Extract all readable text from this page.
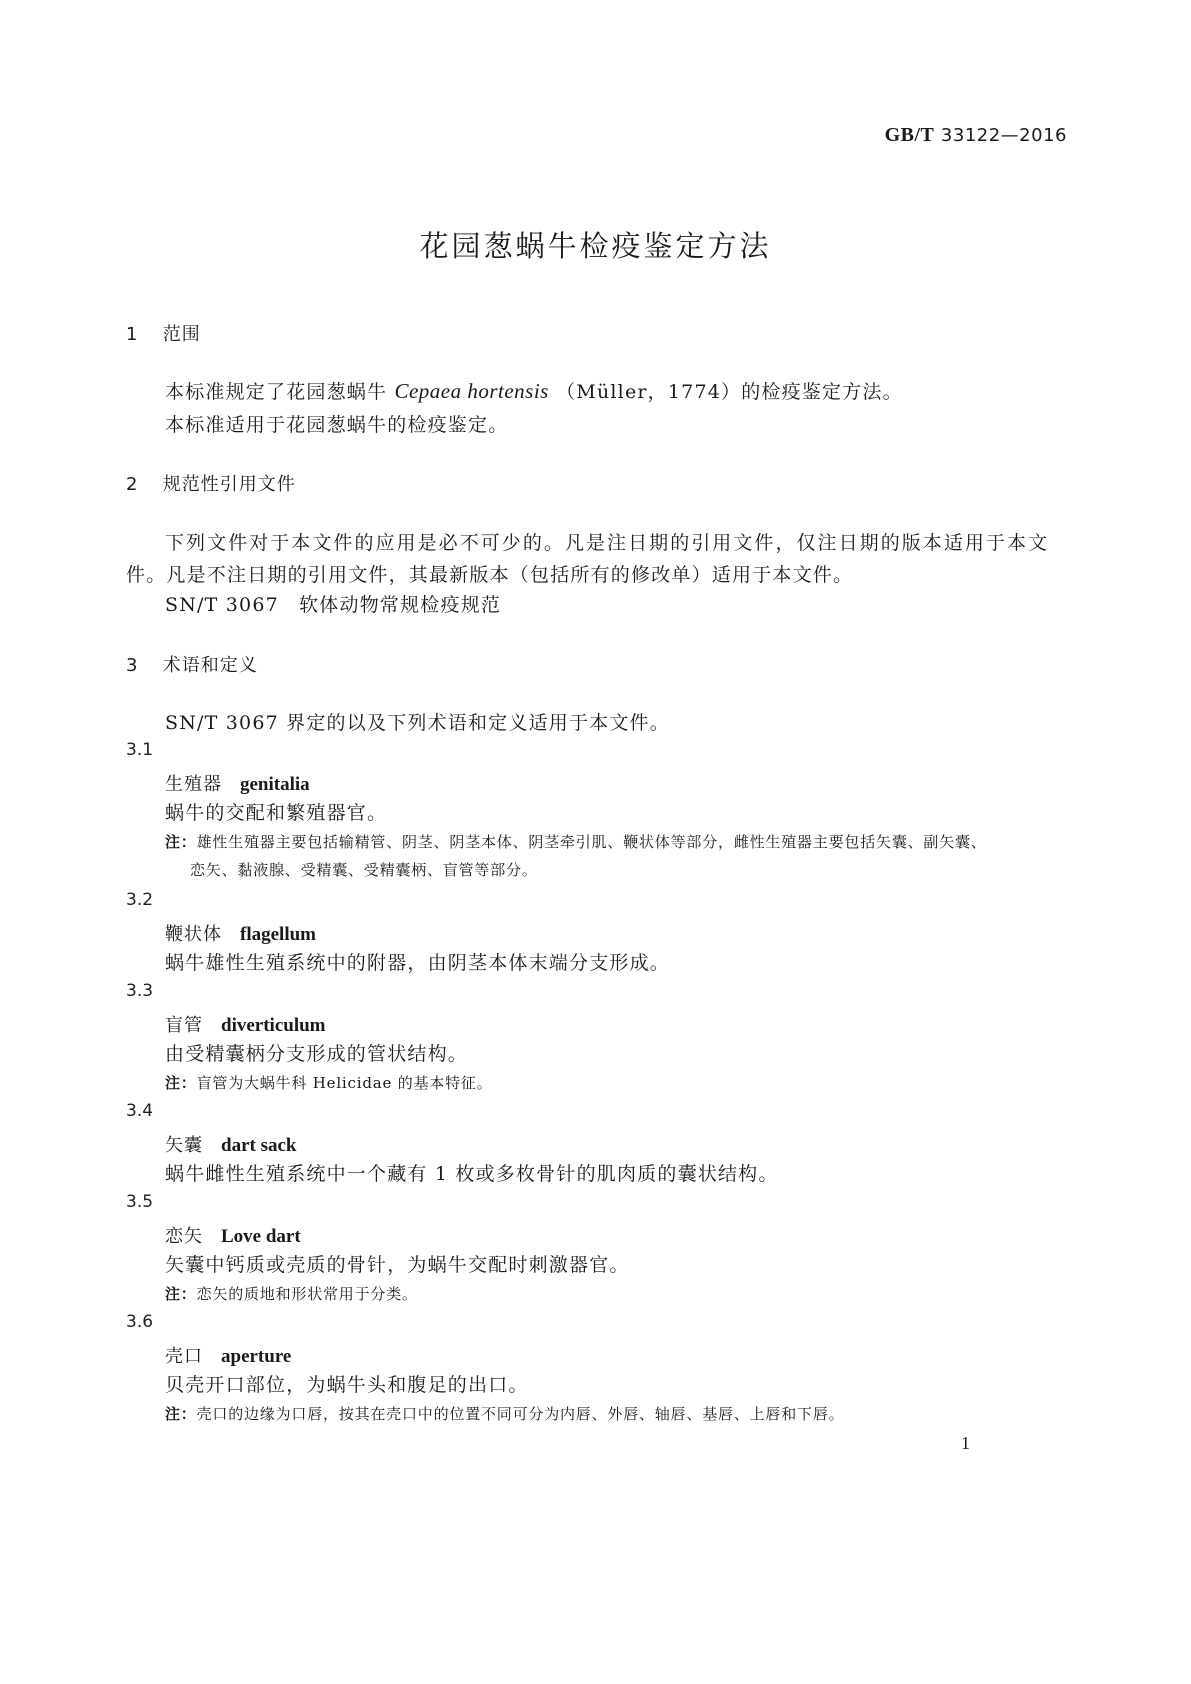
GB/T 33122—2016
花园葱蜗牛检疫鉴定方法
1 范围
本标准规定了花园葱蜗牛 Cepaea hortensis （Müller，1774）的检疫鉴定方法。
本标准适用于花园葱蜗牛的检疫鉴定。
2 规范性引用文件
下列文件对于本文件的应用是必不可少的。凡是注日期的引用文件，仅注日期的版本适用于本文
件。凡是不注日期的引用文件，其最新版本（包括所有的修改单）适用于本文件。
SN/T 3067　软体动物常规检疫规范
3 术语和定义
SN/T 3067 界定的以及下列术语和定义适用于本文件。
3.1
生殖器 genitalia
蜗牛的交配和繁殖器官。
注：雄性生殖器主要包括输精管、阴茎、阴茎本体、阴茎牵引肌、鞭状体等部分，雌性生殖器主要包括矢囊、副矢囊、
恋矢、黏液腺、受精囊、受精囊柄、盲管等部分。
3.2
鞭状体 flagellum
蜗牛雄性生殖系统中的附器，由阴茎本体末端分支形成。
3.3
盲管 diverticulum
由受精囊柄分支形成的管状结构。
注：盲管为大蜗牛科 Helicidae 的基本特征。
3.4
矢囊 dart sack
蜗牛雌性生殖系统中一个藏有 1 枚或多枚骨针的肌肉质的囊状结构。
3.5
恋矢 Love dart
矢囊中钙质或壳质的骨针，为蜗牛交配时刺激器官。
注：恋矢的质地和形状常用于分类。
3.6
壳口 aperture
贝壳开口部位，为蜗牛头和腹足的出口。
注：壳口的边缘为口唇，按其在壳口中的位置不同可分为内唇、外唇、轴唇、基唇、上唇和下唇。
1
